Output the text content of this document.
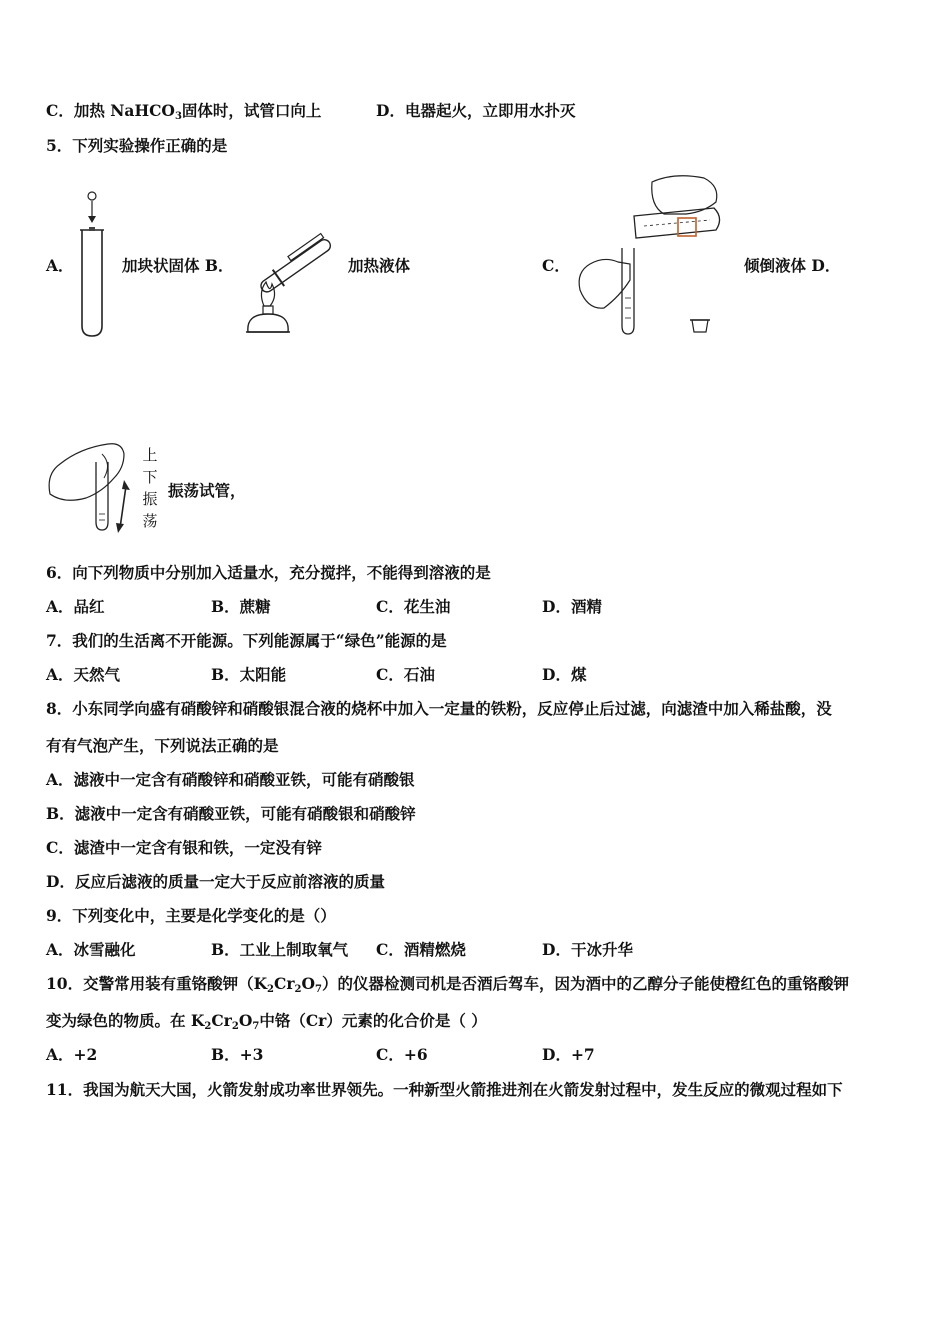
C．加热 NaHCO$_3$固体时，试管口向上	D．电器起火，立即用水扑灭
5．下列实验操作正确的是
A．	加块状固体 B．	加热液体	C．	倾倒液体 D．
上
下
振
荡
振荡试管，
6．向下列物质中分别加入适量水，充分搅拌，不能得到溶液的是
A．品红	B．蔗糖	C．花生油	D．酒精
7．我们的生活离不开能源。下列能源属于“绿色”能源的是
A．天然气	B．太阳能	C．石油	D．煤
8．小东同学向盛有硝酸锌和硝酸银混合液的烧杯中加入一定量的铁粉，反应停止后过滤，向滤渣中加入稀盐酸，没
有有气泡产生，下列说法正确的是
A．滤液中一定含有硝酸锌和硝酸亚铁，可能有硝酸银
B．滤液中一定含有硝酸亚铁，可能有硝酸银和硝酸锌
C．滤渣中一定含有银和铁，一定没有锌
D．反应后滤液的质量一定大于反应前溶液的质量
9．下列变化中，主要是化学变化的是（）
A．冰雪融化	B．工业上制取氧气 C．酒精燃烧	D．干冰升华
10．交警常用装有重铬酸钾$(K_2Cr_2O_7)$的仪器检测司机是否酒后驾车，因为酒中的乙醇分子能使橙红色的重铬酸钾
变为绿色的物质。在 $K_2Cr_2O_7$中铬（Cr）元素的化合价是（ ）
A．+2	B．+3	C．+6	D．+7
11．我国为航天大国，火箭发射成功率世界领先。一种新型火箭推进剂在火箭发射过程中，发生反应的微观过程如下
